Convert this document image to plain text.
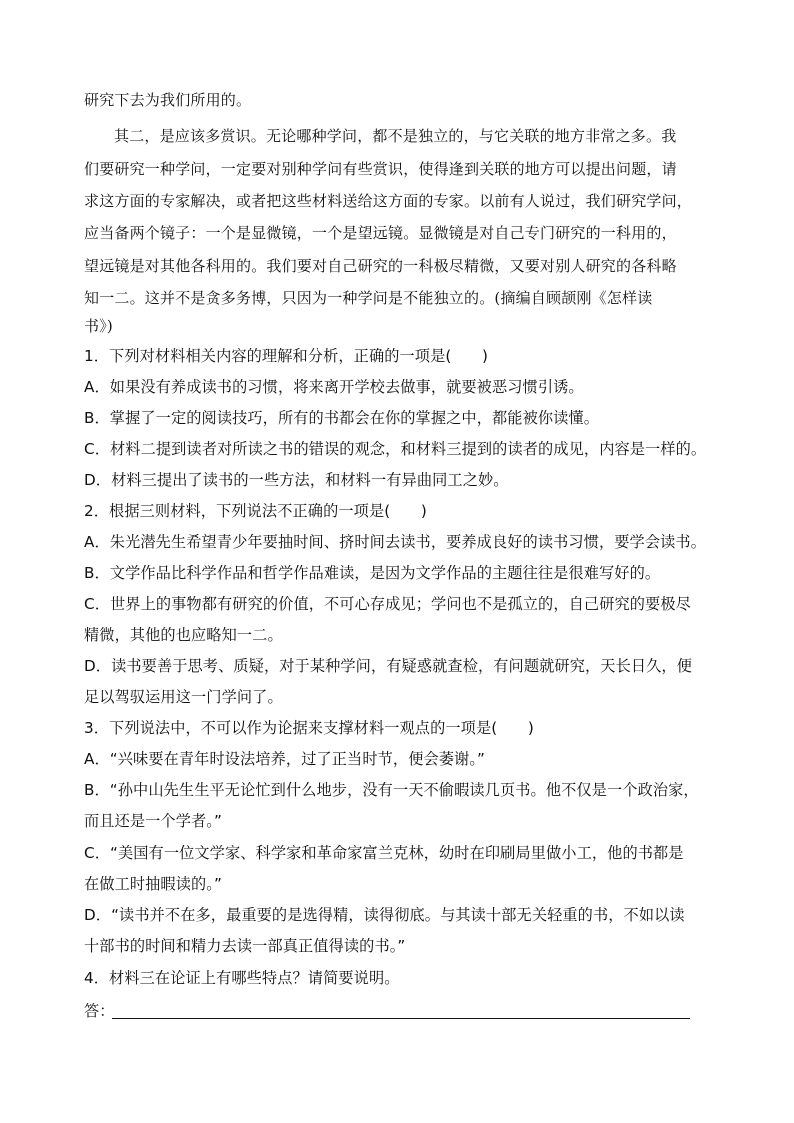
研究下去为我们所用的。
其二，是应该多赏识。无论哪种学问，都不是独立的，与它关联的地方非常之多。我
们要研究一种学问，一定要对别种学问有些赏识，使得逢到关联的地方可以提出问题，请
求这方面的专家解决，或者把这些材料送给这方面的专家。以前有人说过，我们研究学问，
应当备两个镜子：一个是显微镜，一个是望远镜。显微镜是对自己专门研究的一科用的，
望远镜是对其他各科用的。我们要对自己研究的一科极尽精微，又要对别人研究的各科略
知一二。这并不是贪多务博，只因为一种学问是不能独立的。(摘编自顾颉刚《怎样读
书》)
1．下列对材料相关内容的理解和分析，正确的一项是(　　)
A．如果没有养成读书的习惯，将来离开学校去做事，就要被恶习惯引诱。
B．掌握了一定的阅读技巧，所有的书都会在你的掌握之中，都能被你读懂。
C．材料二提到读者对所读之书的错误的观念，和材料三提到的读者的成见，内容是一样的。
D．材料三提出了读书的一些方法，和材料一有异曲同工之妙。
2．根据三则材料，下列说法不正确的一项是(　　)
A．朱光潜先生希望青少年要抽时间、挤时间去读书，要养成良好的读书习惯，要学会读书。
B．文学作品比科学作品和哲学作品难读，是因为文学作品的主题往往是很难写好的。
C．世界上的事物都有研究的价值，不可心存成见；学问也不是孤立的，自己研究的要极尽
精微，其他的也应略知一二。
D．读书要善于思考、质疑，对于某种学问，有疑惑就查检，有问题就研究，天长日久，便
足以驾驭运用这一门学问了。
3．下列说法中，不可以作为论据来支撑材料一观点的一项是(　　)
A．“兴味要在青年时设法培养，过了正当时节，便会萎谢。”
B．“孙中山先生生平无论忙到什么地步，没有一天不偷暇读几页书。他不仅是一个政治家，
而且还是一个学者。”
C．“美国有一位文学家、科学家和革命家富兰克林，幼时在印刷局里做小工，他的书都是
在做工时抽暇读的。”
D．“读书并不在多，最重要的是选得精，读得彻底。与其读十部无关轻重的书，不如以读
十部书的时间和精力去读一部真正值得读的书。”
4．材料三在论证上有哪些特点？请简要说明。
答：
